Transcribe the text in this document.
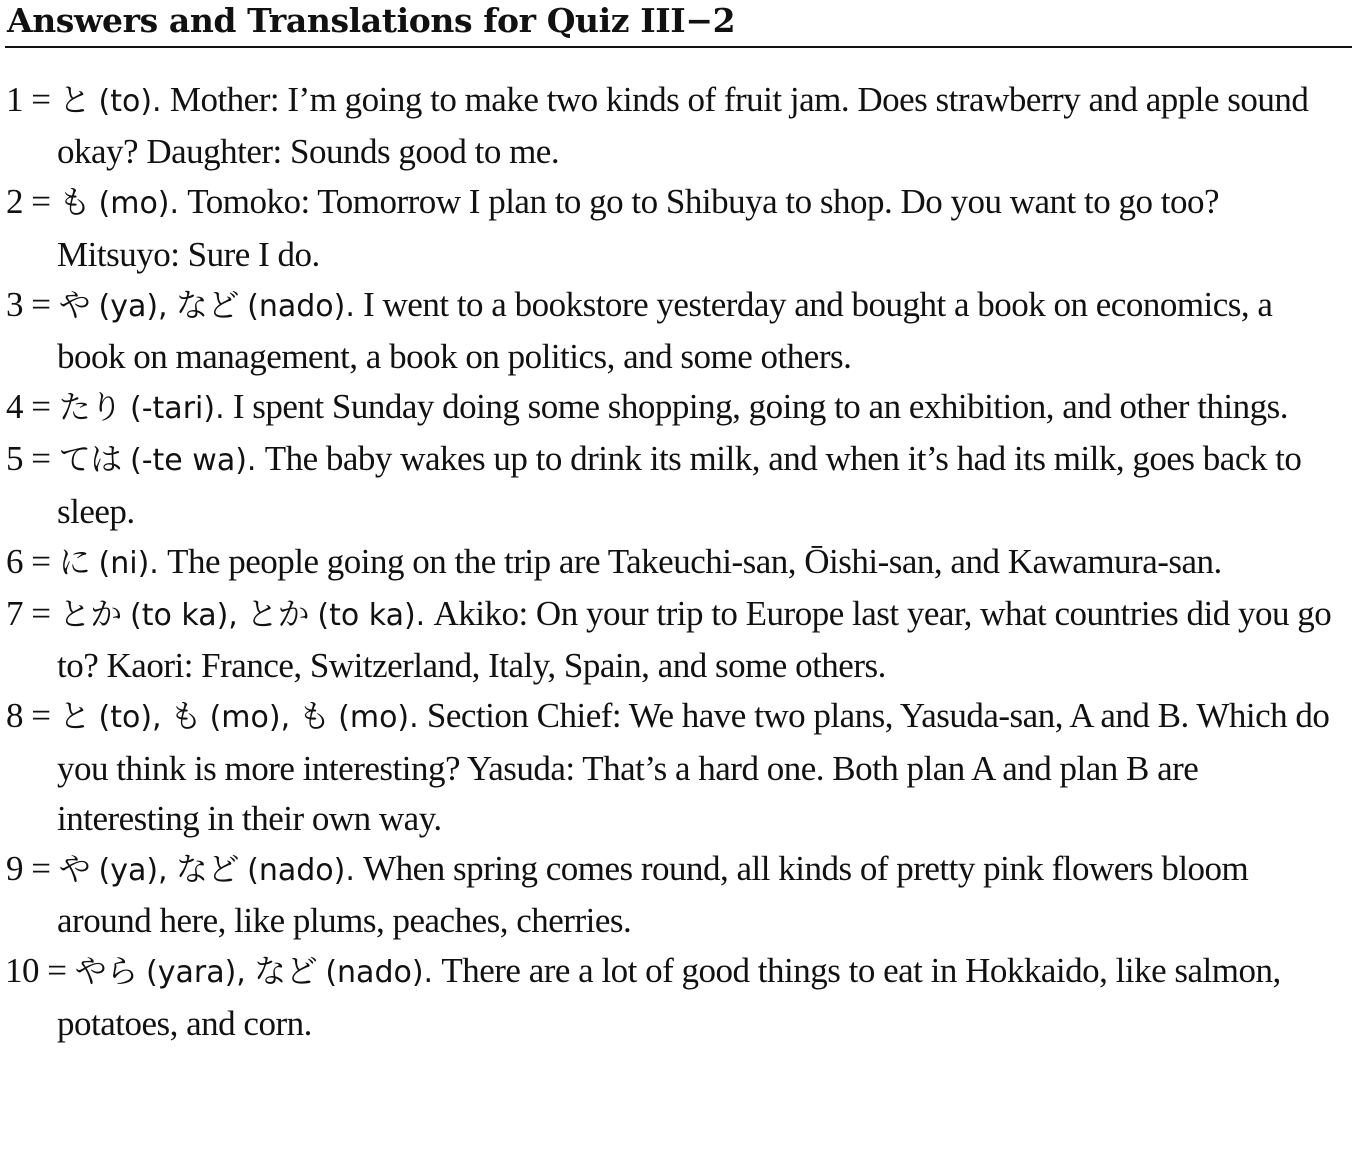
Answers and Translations for Quiz III−2
1 = と (to). Mother: I’m going to make two kinds of fruit jam. Does strawberry and apple sound okay? Daughter: Sounds good to me.
2 = も (mo). Tomoko: Tomorrow I plan to go to Shibuya to shop. Do you want to go too? Mitsuyo: Sure I do.
3 = や (ya), など (nado). I went to a bookstore yesterday and bought a book on economics, a book on management, a book on politics, and some others.
4 = たり (-tari). I spent Sunday doing some shopping, going to an exhibition, and other things.
5 = ては (-te wa). The baby wakes up to drink its milk, and when it’s had its milk, goes back to sleep.
6 = に (ni). The people going on the trip are Takeuchi-san, Ōishi-san, and Kawamura-san.
7 = とか (to ka), とか (to ka). Akiko: On your trip to Europe last year, what countries did you go to? Kaori: France, Switzerland, Italy, Spain, and some others.
8 = と (to), も (mo), も (mo). Section Chief: We have two plans, Yasuda-san, A and B. Which do you think is more interesting? Yasuda: That’s a hard one. Both plan A and plan B are interesting in their own way.
9 = や (ya), など (nado). When spring comes round, all kinds of pretty pink flowers bloom around here, like plums, peaches, cherries.
10 = やら (yara), など (nado). There are a lot of good things to eat in Hokkaido, like salmon, potatoes, and corn.
